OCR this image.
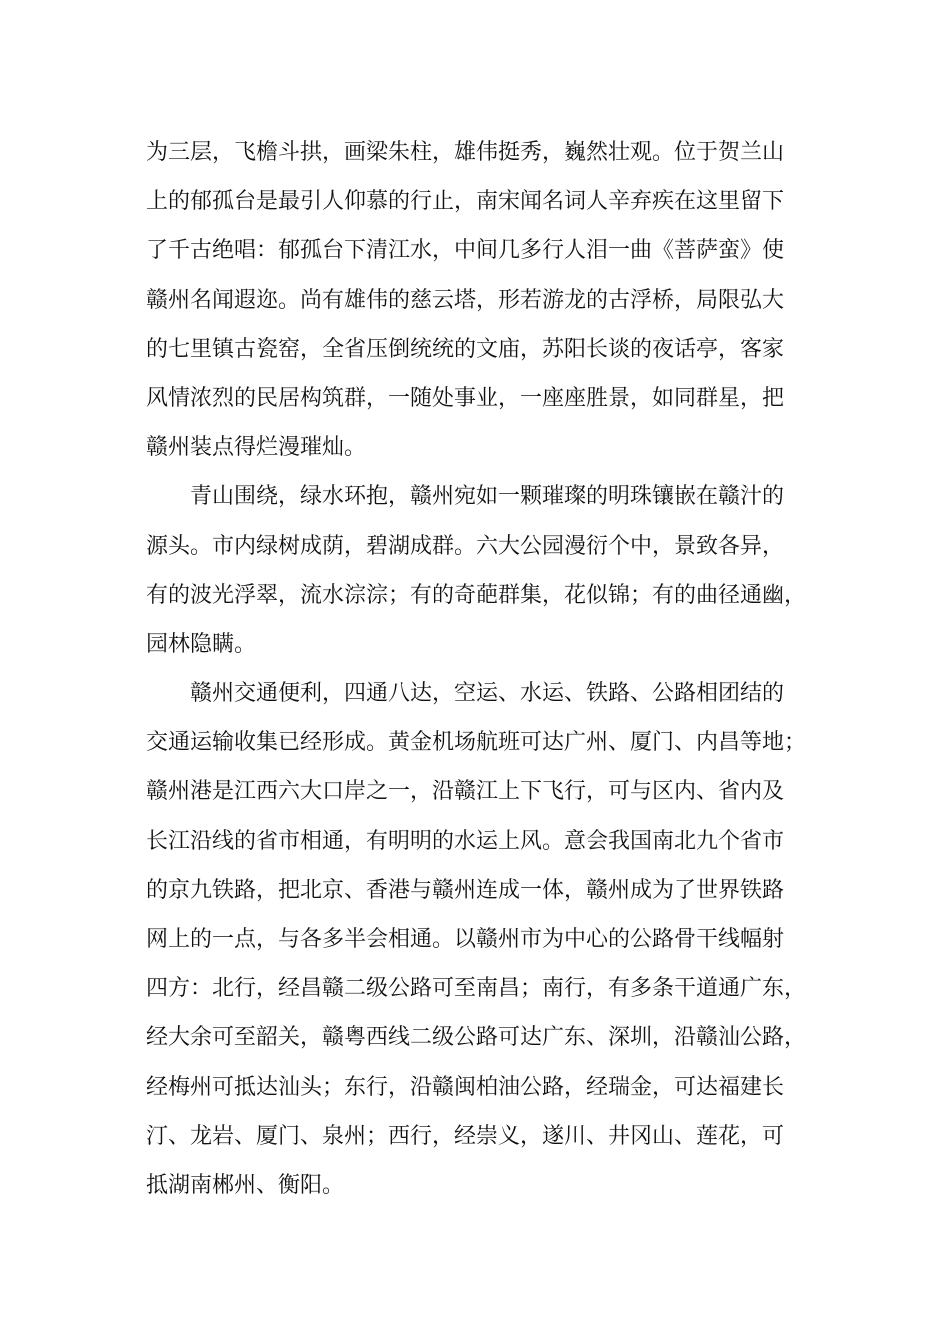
为三层，飞檐斗拱，画梁朱柱，雄伟挺秀，巍然壮观。位于贺兰山
上的郁孤台是最引人仰慕的行止，南宋闻名词人辛弃疾在这里留下
了千古绝唱：郁孤台下清江水，中间几多行人泪一曲《菩萨蛮》使
赣州名闻遐迩。尚有雄伟的慈云塔，形若游龙的古浮桥，局限弘大
的七里镇古瓷窑，全省压倒统统的文庙，苏阳长谈的夜话亭，客家
风情浓烈的民居构筑群，一随处事业，一座座胜景，如同群星，把
赣州装点得烂漫璀灿。
青山围绕，绿水环抱，赣州宛如一颗璀璨的明珠镶嵌在赣汁的
源头。市内绿树成荫，碧湖成群。六大公园漫衍个中，景致各异，
有的波光浮翠，流水淙淙；有的奇葩群集，花似锦；有的曲径通幽，
园林隐瞒。
赣州交通便利，四通八达，空运、水运、铁路、公路相团结的
交通运输收集已经形成。黄金机场航班可达广州、厦门、内昌等地；
赣州港是江西六大口岸之一，沿赣江上下飞行，可与区内、省内及
长江沿线的省市相通，有明明的水运上风。意会我国南北九个省市
的京九铁路，把北京、香港与赣州连成一体，赣州成为了世界铁路
网上的一点，与各多半会相通。以赣州市为中心的公路骨干线幅射
四方：北行，经昌赣二级公路可至南昌；南行，有多条干道通广东，
经大余可至韶关，赣粤西线二级公路可达广东、深圳，沿赣汕公路，
经梅州可抵达汕头；东行，沿赣闽柏油公路，经瑞金，可达福建长
汀、龙岩、厦门、泉州；西行，经崇义，遂川、井冈山、莲花，可
抵湖南郴州、衡阳。
